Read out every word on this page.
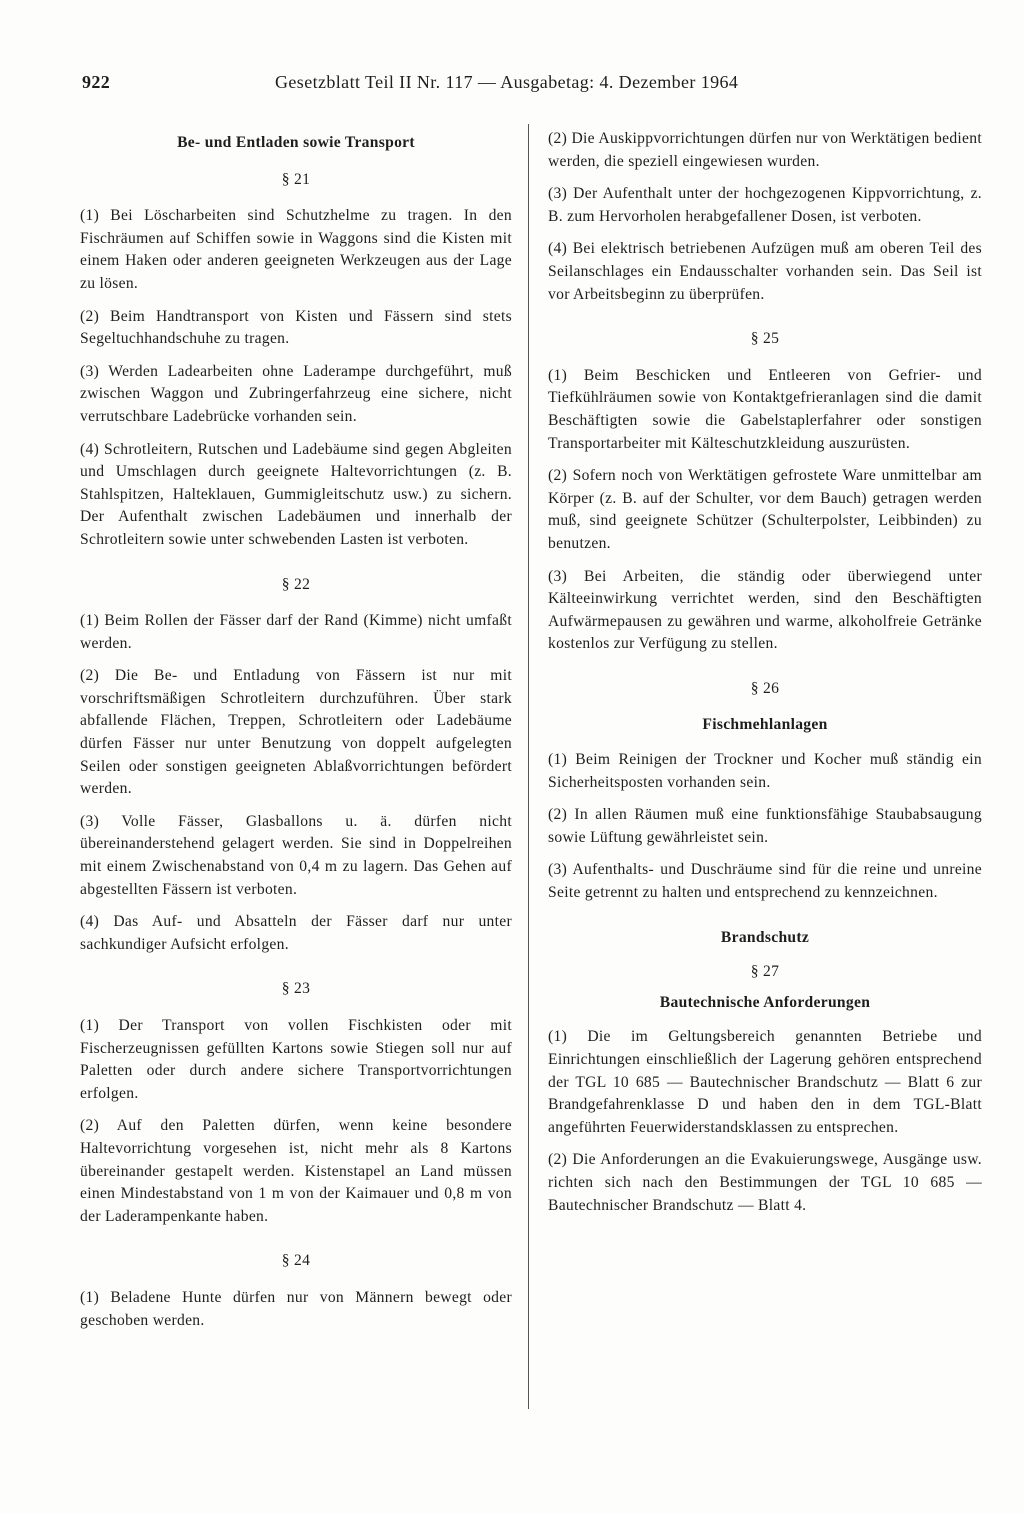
922	Gesetzblatt Teil II Nr. 117 — Ausgabetag: 4. Dezember 1964
Be- und Entladen sowie Transport
§ 21

(1) Bei Löscharbeiten sind Schutzhelme zu tragen. In den Fischräumen auf Schiffen sowie in Waggons sind die Kisten mit einem Haken oder anderen geeigneten Werkzeugen aus der Lage zu lösen.

(2) Beim Handtransport von Kisten und Fässern sind stets Segeltuchhandschuhe zu tragen.

(3) Werden Ladearbeiten ohne Laderampe durchgeführt, muß zwischen Waggon und Zubringerfahrzeug eine sichere, nicht verrutschbare Ladebrücke vorhanden sein.

(4) Schrotleitern, Rutschen und Ladebäume sind gegen Abgleiten und Umschlagen durch geeignete Haltevorrichtungen (z. B. Stahlspitzen, Halteklauen, Gummigleitschutz usw.) zu sichern. Der Aufenthalt zwischen Ladebäumen und innerhalb der Schrotleitern sowie unter schwebenden Lasten ist verboten.

§ 22

(1) Beim Rollen der Fässer darf der Rand (Kimme) nicht umfaßt werden.

(2) Die Be- und Entladung von Fässern ist nur mit vorschriftsmäßigen Schrotleitern durchzuführen. Über stark abfallende Flächen, Treppen, Schrotleitern oder Ladebäume dürfen Fässer nur unter Benutzung von doppelt aufgelegten Seilen oder sonstigen geeigneten Ablaßvorrichtungen befördert werden.

(3) Volle Fässer, Glasballons u. ä. dürfen nicht übereinanderstehend gelagert werden. Sie sind in Doppelreihen mit einem Zwischenabstand von 0,4 m zu lagern. Das Gehen auf abgestellten Fässern ist verboten.

(4) Das Auf- und Absatteln der Fässer darf nur unter sachkundiger Aufsicht erfolgen.

§ 23

(1) Der Transport von vollen Fischkisten oder mit Fischerzeugnissen gefüllten Kartons sowie Stiegen soll nur auf Paletten oder durch andere sichere Transportvorrichtungen erfolgen.

(2) Auf den Paletten dürfen, wenn keine besondere Haltevorrichtung vorgesehen ist, nicht mehr als 8 Kartons übereinander gestapelt werden. Kistenstapel an Land müssen einen Mindestabstand von 1 m von der Kaimauer und 0,8 m von der Laderampenkante haben.

§ 24

(1) Beladene Hunte dürfen nur von Männern bewegt oder geschoben werden.

(2) Die Auskippvorrichtungen dürfen nur von Werktätigen bedient werden, die speziell eingewiesen wurden.

(3) Der Aufenthalt unter der hochgezogenen Kippvorrichtung, z. B. zum Hervorholen herabgefallener Dosen, ist verboten.

(4) Bei elektrisch betriebenen Aufzügen muß am oberen Teil des Seilanschlages ein Endausschalter vorhanden sein. Das Seil ist vor Arbeitsbeginn zu überprüfen.

§ 25

(1) Beim Beschicken und Entleeren von Gefrier- und Tiefkühlräumen sowie von Kontaktgefrieranlagen sind die damit Beschäftigten sowie die Gabelstaplerfahrer oder sonstigen Transportarbeiter mit Kälteschutzkleidung auszurüsten.

(2) Sofern noch von Werktätigen gefrostete Ware unmittelbar am Körper (z. B. auf der Schulter, vor dem Bauch) getragen werden muß, sind geeignete Schützer (Schulterpolster, Leibbinden) zu benutzen.

(3) Bei Arbeiten, die ständig oder überwiegend unter Kälteeinwirkung verrichtet werden, sind den Beschäftigten Aufwärmepausen zu gewähren und warme, alkoholfreie Getränke kostenlos zur Verfügung zu stellen.

§ 26
Fischmehlanlagen

(1) Beim Reinigen der Trockner und Kocher muß ständig ein Sicherheitsposten vorhanden sein.

(2) In allen Räumen muß eine funktionsfähige Staubabsaugung sowie Lüftung gewährleistet sein.

(3) Aufenthalts- und Duschräume sind für die reine und unreine Seite getrennt zu halten und entsprechend zu kennzeichnen.

Brandschutz
§ 27
Bautechnische Anforderungen

(1) Die im Geltungsbereich genannten Betriebe und Einrichtungen einschließlich der Lagerung gehören entsprechend der TGL 10 685 — Bautechnischer Brandschutz — Blatt 6 zur Brandgefahrenklasse D und haben den in dem TGL-Blatt angeführten Feuerwiderstandsklassen zu entsprechen.

(2) Die Anforderungen an die Evakuierungswege, Ausgänge usw. richten sich nach den Bestimmungen der TGL 10 685 — Bautechnischer Brandschutz — Blatt 4.
